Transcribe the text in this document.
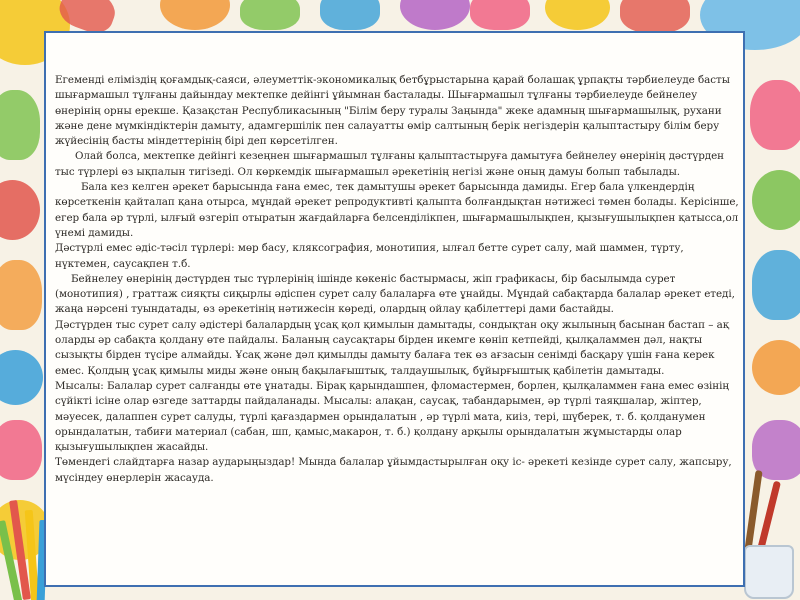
Егемендi елiмiздiң қоғамдық-саяси, әлеуметтiк-экономикалық бетбұрыстарына қарай болашақ ұрпақты тәрбиелеуде басты шығармашыл тұлғаны дайындау мектепке дейінгі ұйымнан басталады. Шығармашыл тұлғаны тәрбиелеуде бейнелеу өнерiнiң орны ерекше. Қазақстан Республикасының "Бiлiм беру туралы Заңында" жеке адамның шығармашылық, рухани және дене мүмкiндiктерiн дамыту, адамгершiлiк пен салауатты өмiр салтының берiк негiздерiн қалыптастыру бiлiм беру жүйесiнiң басты мiндеттерiнiң бiрi деп көрсетiлген.

Олай болса, мектепке дейінгі кезеңнен шығармашыл тұлғаны қалыптастыруға дамытуға бейнелеу өнерінің дәстүрден тыс түрлері өз ықпалын тигізеді. Ол көркемдік шығармашыл әрекетінің негізі және оның дамуы болып табылады.

Бала кез келген әрекет барысында ғана емес, тек дамытушы әрекет барысында дамиды. Егер бала үлкендердің көрсеткенін қайталап қана отырса, мұндай әрекет репродуктивті қалыпта болғандықтан нәтижесі төмен болады. Керісінше, егер бала әр түрлі, ылғый өзгеріп отыратын жағдайларға белсенділікпен, шығармашылықпен, қызығушылықпен қатысса,ол үнемі дамиды.

Дәстүрлі емес әдіс-тәсіл түрлері: мөр басу, кляксография, монотипия, ылғал бетте сурет салу, май шаммен, түрту, нүктемен, саусақпен т.б.

Бейнелеу өнерінің дәстүрден тыс түрлерінің ішінде көкеніс бастырмасы, жіп графикасы, бір басылымда сурет (монотипия) , граттаж сияқты сиқырлы әдіспен сурет салу балаларға өте ұнайды. Мұндай сабақтарда балалар әрекет етеді, жаңа нәрсені туындатады, өз әрекетінің нәтижесін көреді, олардың ойлау қабілеттері дами бастайды.

Дәстүрден тыс сурет салу әдістері балалардың ұсақ қол қимылын дамытады, сондықтан оқу жылының басынан бастап – ақ оларды әр сабақта қолдану өте пайдалы. Баланың саусақтары бірден икемге көніп кетпейді, қылқаламмен дәл, нақты сызықты бірден түсіре алмайды. Ұсақ және дәл қимылды дамыту балаға тек өз ағзасын сенімді басқару үшін ғана керек емес. Қолдың ұсақ қимылы миды және оның бақылағыштық, талдаушылық, бұйырғыштық қабілетін дамытады.

Мысалы: Балалар сурет салғанды өте ұнатады. Бірақ қарындашпен, фломастермен, борлен, қылқаламмен ғана емес өзінің сүйікті ісіне олар өзгеде заттарды пайдаланады. Мысалы: алақан, саусақ, табандарымен, әр түрлі таяқшалар, жіптер, мәуесек, далаппен сурет салуды, түрлі қағаздармен орындалатын , әр түрлі мата, киіз, тері, шүберек, т. б. қолданумен орындалатын, табиғи материал (сабан, шп, қамыс,макарон, т. б.) қолдану арқылы орындалатын жұмыстарды олар қызығушылықпен жасайды.

Төмендегі слайдтарға назар аударыңыздар! Мында балалар ұйымдастырылған оқу іс- әрекеті кезінде сурет салу, жапсыру, мүсіндеу өнерлерін жасауда.
